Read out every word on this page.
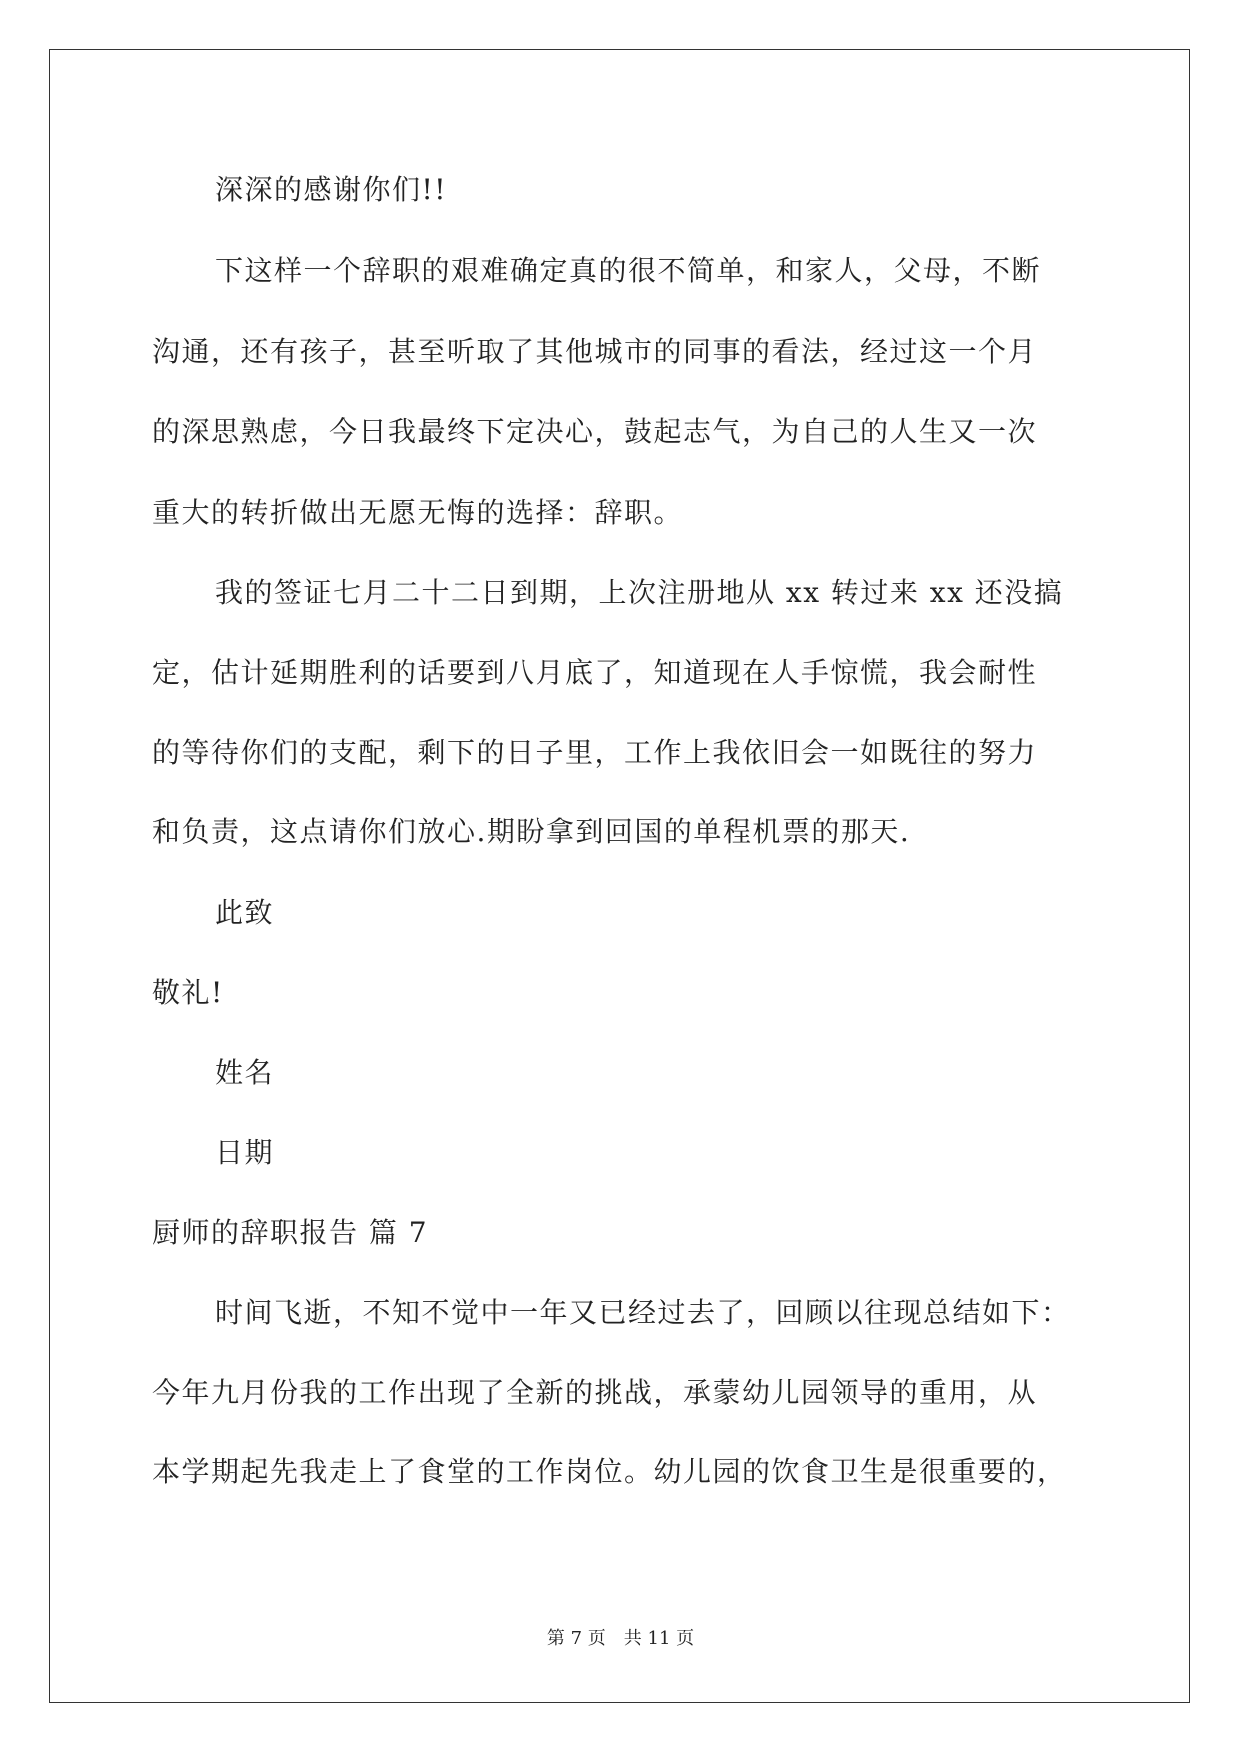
深深的感谢你们!!
下这样一个辞职的艰难确定真的很不简单，和家人，父母，不断
沟通，还有孩子，甚至听取了其他城市的同事的看法，经过这一个月
的深思熟虑，今日我最终下定决心，鼓起志气，为自己的人生又一次
重大的转折做出无愿无悔的选择：辞职。
我的签证七月二十二日到期，上次注册地从 xx 转过来 xx 还没搞
定，估计延期胜利的话要到八月底了，知道现在人手惊慌，我会耐性
的等待你们的支配，剩下的日子里，工作上我依旧会一如既往的努力
和负责，这点请你们放心.期盼拿到回国的单程机票的那天.
此致
敬礼!
姓名
日期
厨师的辞职报告 篇 7
时间飞逝，不知不觉中一年又已经过去了，回顾以往现总结如下：
今年九月份我的工作出现了全新的挑战，承蒙幼儿园领导的重用，从
本学期起先我走上了食堂的工作岗位。幼儿园的饮食卫生是很重要的，
第 7 页 共 11 页
